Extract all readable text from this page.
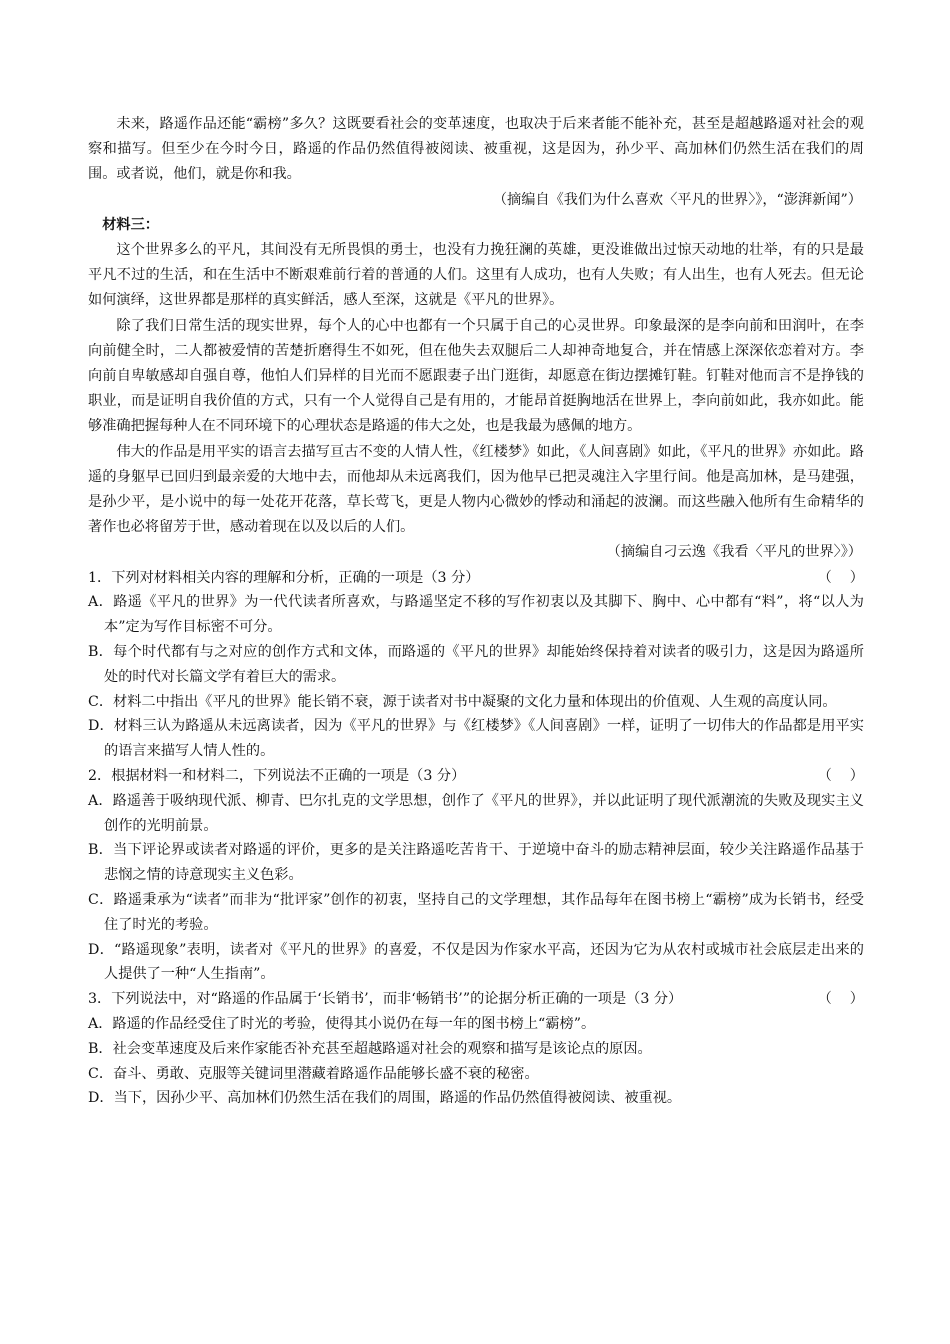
未来，路遥作品还能“霸榜”多久？这既要看社会的变革速度，也取决于后来者能不能补充，甚至是超越路遥对社会的观察和描写。但至少在今时今日，路遥的作品仍然值得被阅读、被重视，这是因为，孙少平、高加林们仍然生活在我们的周围。或者说，他们，就是你和我。

（摘编自《我们为什么喜欢〈平凡的世界〉》，“澎湃新闻”）

材料三：

这个世界多么的平凡，其间没有无所畏惧的勇士，也没有力挽狂澜的英雄，更没谁做出过惊天动地的壮举，有的只是最平凡不过的生活，和在生活中不断艰难前行着的普通的人们。这里有人成功，也有人失败；有人出生，也有人死去。但无论如何演绎，这世界都是那样的真实鲜活，感人至深，这就是《平凡的世界》。

除了我们日常生活的现实世界，每个人的心中也都有一个只属于自己的心灵世界。印象最深的是李向前和田润叶，在李向前健全时，二人都被爱情的苦楚折磨得生不如死，但在他失去双腿后二人却神奇地复合，并在情感上深深依恋着对方。李向前自卑敏感却自强自尊，他怕人们异样的目光而不愿跟妻子出门逛街，却愿意在街边摆摊钉鞋。钉鞋对他而言不是挣钱的职业，而是证明自我价值的方式，只有一个人觉得自己是有用的，才能昂首挺胸地活在世界上，李向前如此，我亦如此。能够准确把握每种人在不同环境下的心理状态是路遥的伟大之处，也是我最为感佩的地方。

伟大的作品是用平实的语言去描写亘古不变的人情人性，《红楼梦》如此，《人间喜剧》如此，《平凡的世界》亦如此。路遥的身躯早已回归到最亲爱的大地中去，而他却从未远离我们，因为他早已把灵魂注入字里行间。他是高加林，是马建强，是孙少平，是小说中的每一处花开花落，草长莺飞，更是人物内心微妙的悸动和涌起的波澜。而这些融入他所有生命精华的著作也必将留芳于世，感动着现在以及以后的人们。

（摘编自刁云逸《我看〈平凡的世界〉》）

1．下列对材料相关内容的理解和分析，正确的一项是（3 分）	（    ）

A．路遥《平凡的世界》为一代代读者所喜欢，与路遥坚定不移的写作初衷以及其脚下、胸中、心中都有“料”，将“以人为本”定为写作目标密不可分。

B．每个时代都有与之对应的创作方式和文体，而路遥的《平凡的世界》却能始终保持着对读者的吸引力，这是因为路遥所处的时代对长篇文学有着巨大的需求。

C．材料二中指出《平凡的世界》能长销不衰，源于读者对书中凝聚的文化力量和体现出的价值观、人生观的高度认同。

D．材料三认为路遥从未远离读者，因为《平凡的世界》与《红楼梦》《人间喜剧》一样，证明了一切伟大的作品都是用平实的语言来描写人情人性的。

2．根据材料一和材料二，下列说法不正确的一项是（3 分）	（    ）

A．路遥善于吸纳现代派、柳青、巴尔扎克的文学思想，创作了《平凡的世界》，并以此证明了现代派潮流的失败及现实主义创作的光明前景。

B．当下评论界或读者对路遥的评价，更多的是关注路遥吃苦肯干、于逆境中奋斗的励志精神层面，较少关注路遥作品基于悲悯之情的诗意现实主义色彩。

C．路遥秉承为“读者”而非为“批评家”创作的初衷，坚持自己的文学理想，其作品每年在图书榜上“霸榜”成为长销书，经受住了时光的考验。

D．“路遥现象”表明，读者对《平凡的世界》的喜爱，不仅是因为作家水平高，还因为它为从农村或城市社会底层走出来的人提供了一种“人生指南”。

3．下列说法中，对“路遥的作品属于‘长销书’，而非‘畅销书’”的论据分析正确的一项是（3 分）	（    ）

A．路遥的作品经受住了时光的考验，使得其小说仍在每一年的图书榜上“霸榜”。

B．社会变革速度及后来作家能否补充甚至超越路遥对社会的观察和描写是该论点的原因。

C．奋斗、勇敢、克服等关键词里潜藏着路遥作品能够长盛不衰的秘密。

D．当下，因孙少平、高加林们仍然生活在我们的周围，路遥的作品仍然值得被阅读、被重视。
